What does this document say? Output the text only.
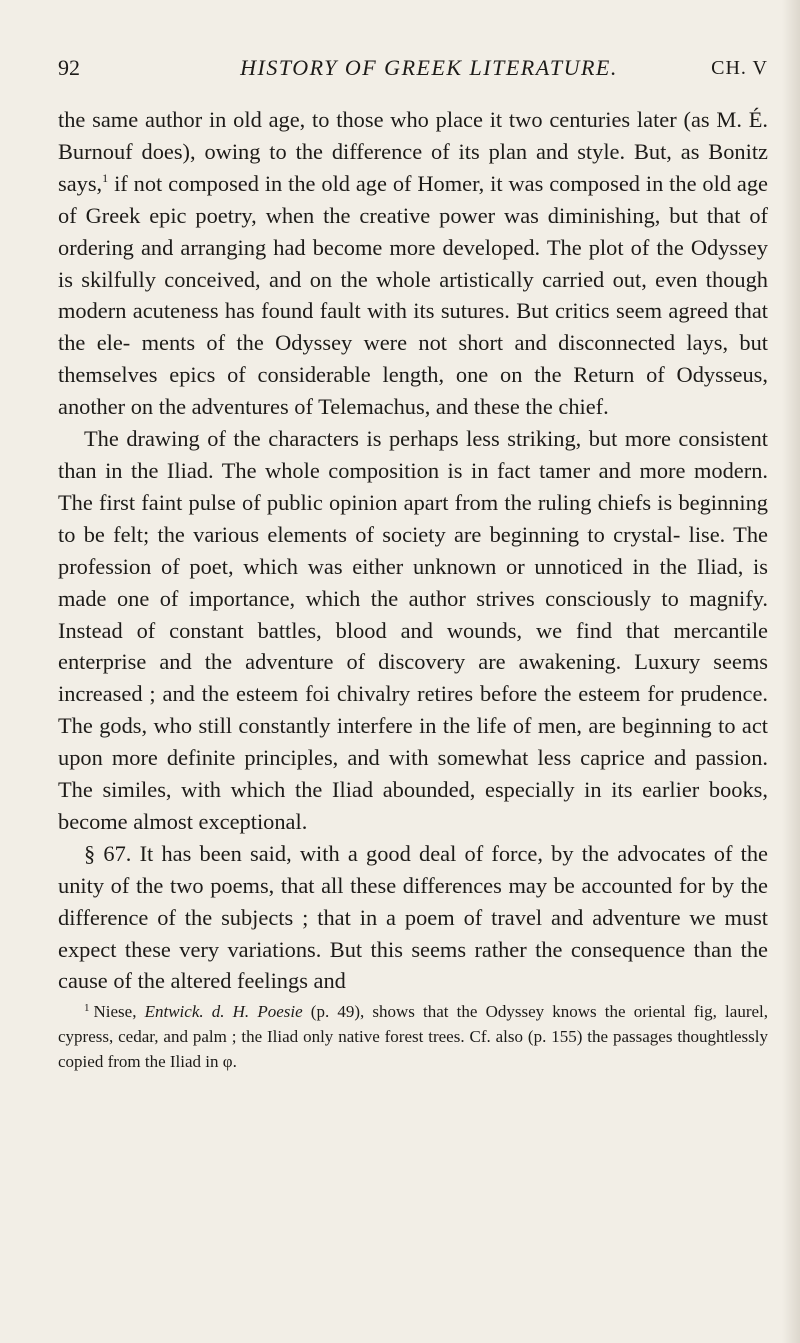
92	HISTORY OF GREEK LITERATURE.	CH. V

the same author in old age, to those who place it two centuries later (as M. É. Burnouf does), owing to the difference of its plan and style. But, as Bonitz says,$^1$ if not composed in the old age of Homer, it was composed in the old age of Greek epic poetry, when the creative power was diminishing, but that of ordering and arranging had become more developed. The plot of the Odyssey is skilfully conceived, and on the whole artistically carried out, even though modern acuteness has found fault with its sutures. But critics seem agreed that the ele- ments of the Odyssey were not short and disconnected lays, but themselves epics of considerable length, one on the Return of Odysseus, another on the adventures of Telemachus, and these the chief.

The drawing of the characters is perhaps less striking, but more consistent than in the Iliad. The whole composition is in fact tamer and more modern. The first faint pulse of public opinion apart from the ruling chiefs is beginning to be felt; the various elements of society are beginning to crystal- lise. The profession of poet, which was either unknown or unnoticed in the Iliad, is made one of importance, which the author strives consciously to magnify. Instead of constant battles, blood and wounds, we find that mercantile enterprise and the adventure of discovery are awakening. Luxury seems increased ; and the esteem foi chivalry retires before the esteem for prudence. The gods, who still constantly interfere in the life of men, are beginning to act upon more definite principles, and with somewhat less caprice and passion. The similes, with which the Iliad abounded, especially in its earlier books, become almost exceptional.

§ 67. It has been said, with a good deal of force, by the advocates of the unity of the two poems, that all these differences may be accounted for by the difference of the subjects ; that in a poem of travel and adventure we must expect these very variations. But this seems rather the consequence than the cause of the altered feelings and

$^1$ Niese, Entwick. d. H. Poesie (p. 49), shows that the Odyssey knows the oriental fig, laurel, cypress, cedar, and palm ; the Iliad only native forest trees. Cf. also (p. 155) the passages thoughtlessly copied from the Iliad in φ.
